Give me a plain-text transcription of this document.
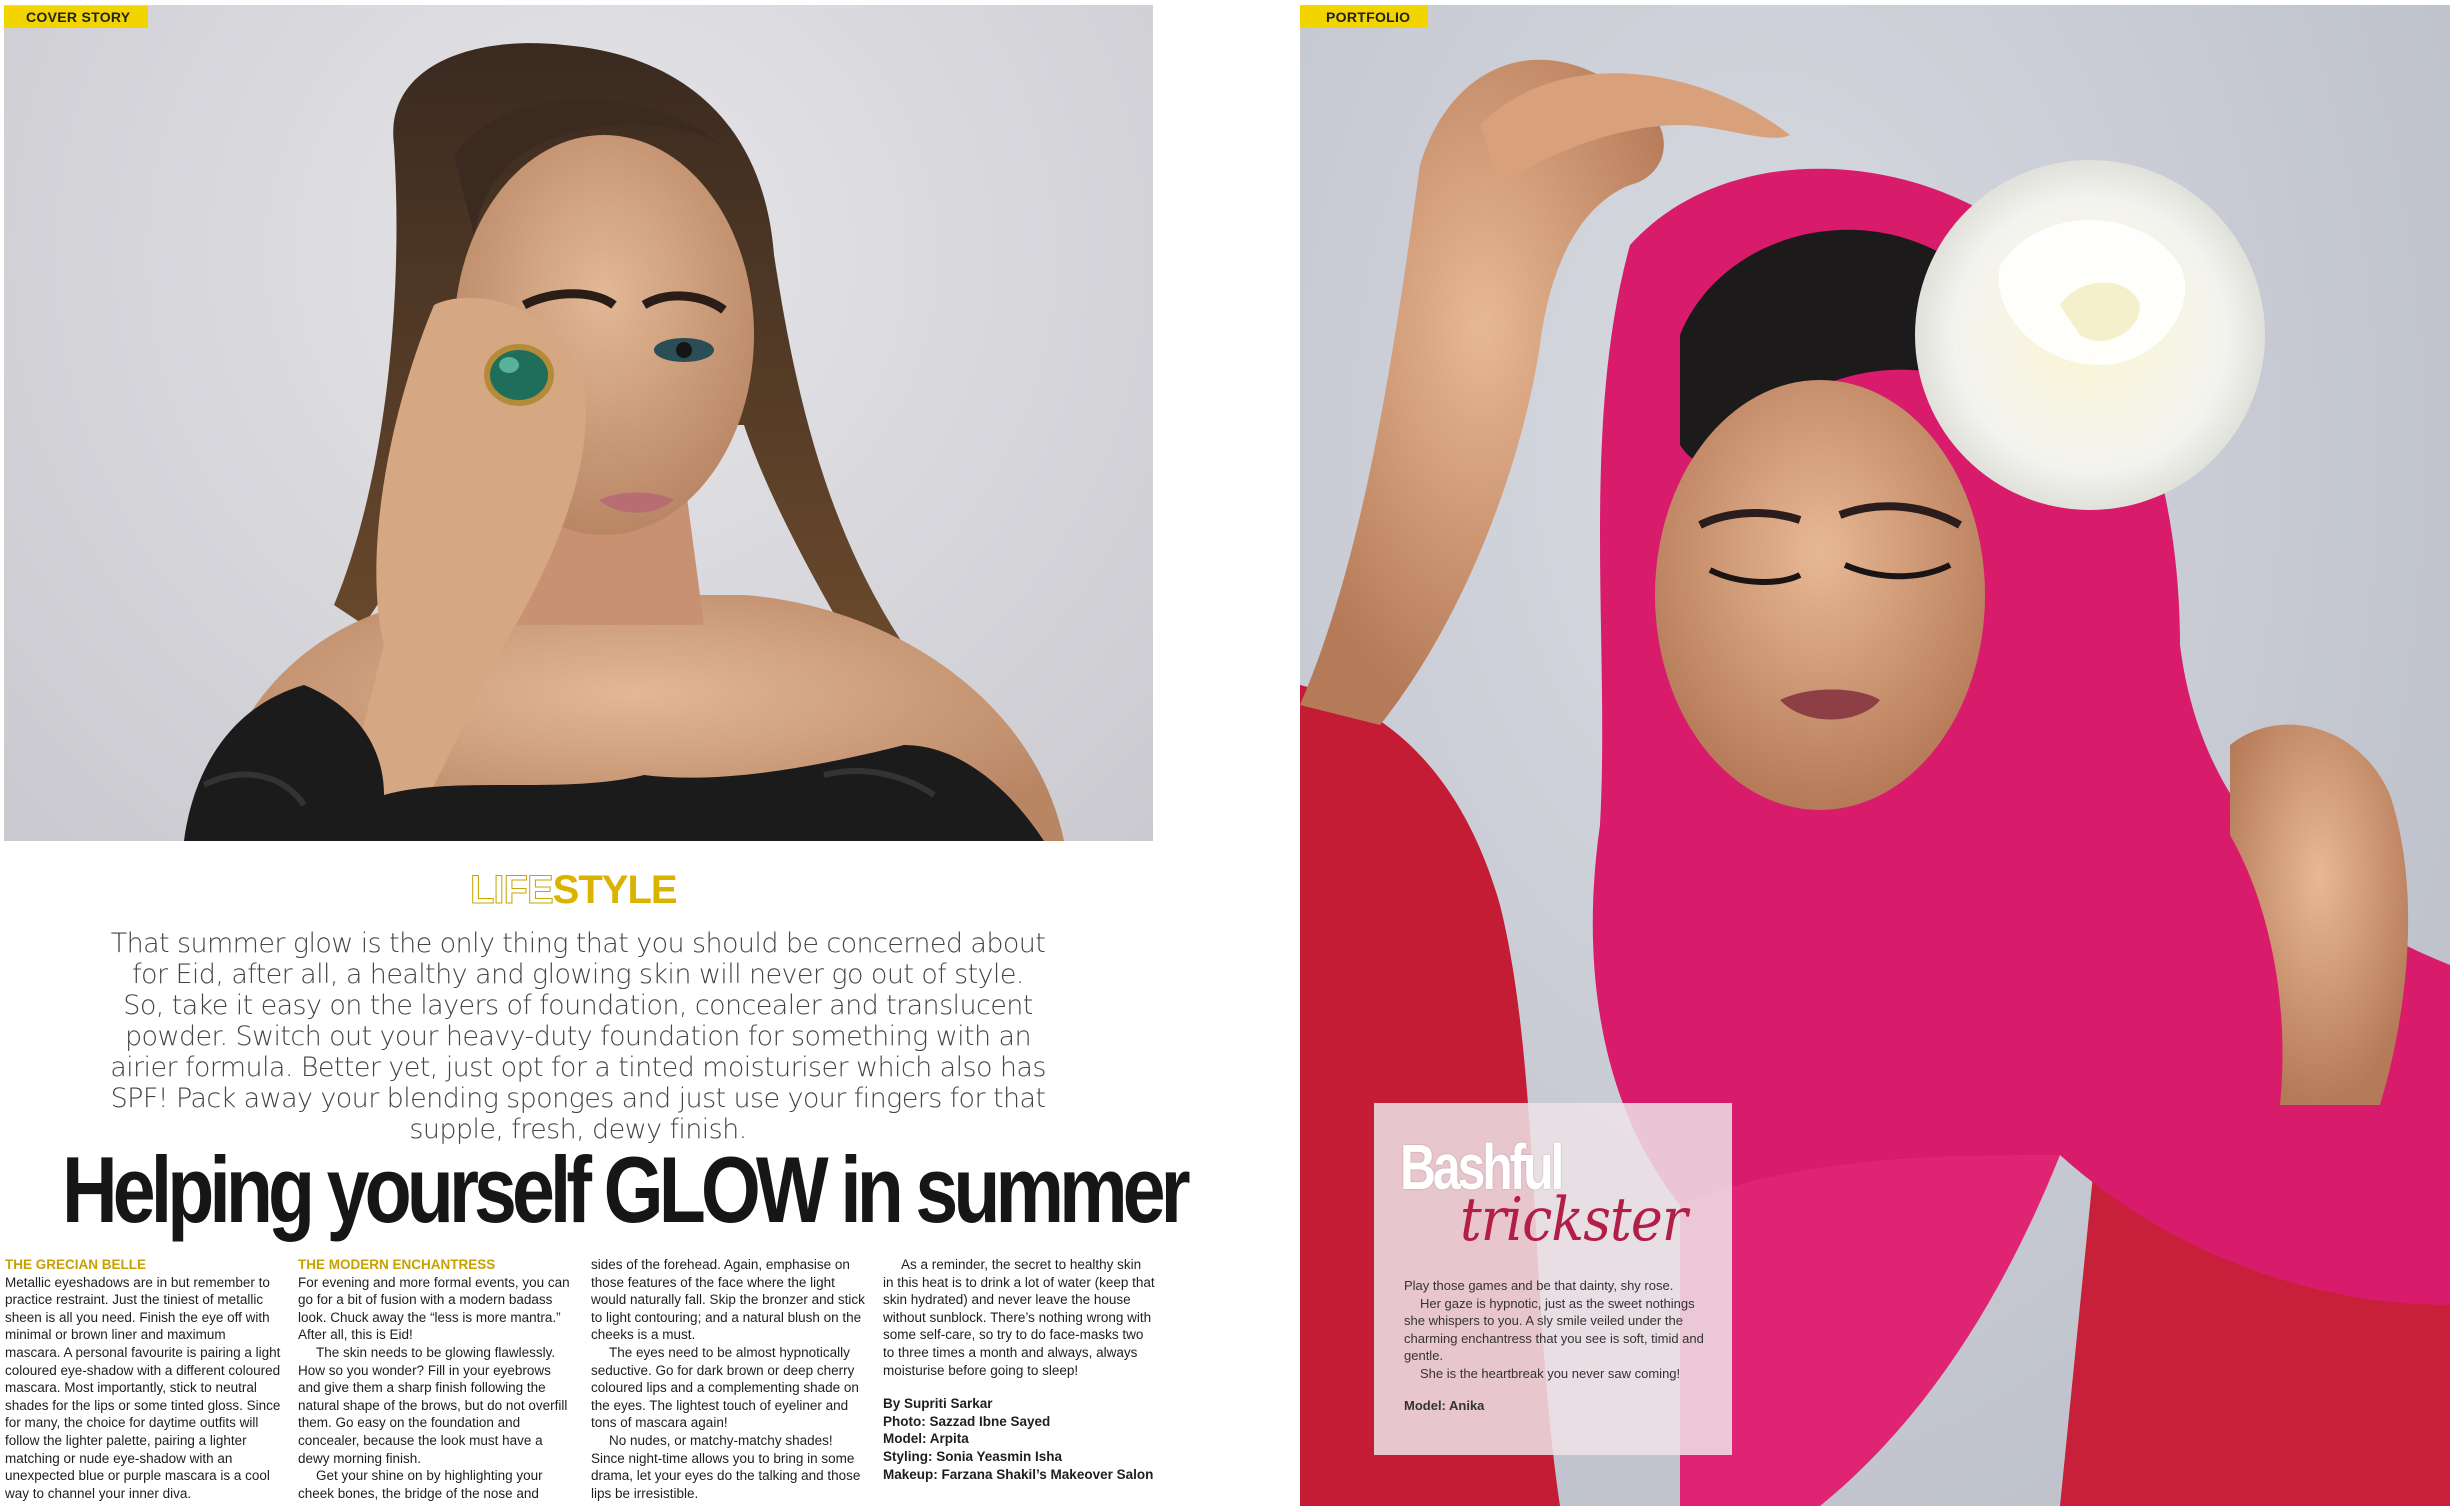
COVER STORY
LIFESTYLE
That summer glow is the only thing that you should be concerned about for Eid, after all, a healthy and glowing skin will never go out of style. So, take it easy on the layers of foundation, concealer and translucent powder. Switch out your heavy-duty foundation for something with an airier formula. Better yet, just opt for a tinted moisturiser which also has SPF! Pack away your blending sponges and just use your fingers for that supple, fresh, dewy finish.
Helping yourself GLOW in summer
THE GRECIAN BELLE

Metallic eyeshadows are in but remember to practice restraint. Just the tiniest of metallic sheen is all you need. Finish the eye off with minimal or brown liner and maximum mascara. A personal favourite is pairing a light coloured eye-shadow with a different coloured mascara. Most importantly, stick to neutral shades for the lips or some tinted gloss. Since for many, the choice for daytime outfits will follow the lighter palette, pairing a lighter matching or nude eye-shadow with an unexpected blue or purple mascara is a cool way to channel your inner diva.

THE MODERN ENCHANTRESS

For evening and more formal events, you can go for a bit of fusion with a modern badass look. Chuck away the “less is more mantra.” After all, this is Eid!

The skin needs to be glowing flawlessly. How so you wonder? Fill in your eyebrows and give them a sharp finish following the natural shape of the brows, but do not overfill them. Go easy on the foundation and concealer, because the look must have a dewy morning finish.

Get your shine on by highlighting your cheek bones, the bridge of the nose and

sides of the forehead. Again, emphasise on those features of the face where the light would naturally fall. Skip the bronzer and stick to light contouring; and a natural blush on the cheeks is a must.

The eyes need to be almost hypnotically seductive. Go for dark brown or deep cherry coloured lips and a complementing shade on the eyes. The lightest touch of eyeliner and tons of mascara again!

No nudes, or matchy-matchy shades! Since night-time allows you to bring in some drama, let your eyes do the talking and those lips be irresistible.

As a reminder, the secret to healthy skin in this heat is to drink a lot of water (keep that skin hydrated) and never leave the house without sunblock. There’s nothing wrong with some self-care, so try to do face-masks two to three times a month and always, always moisturise before going to sleep!

By Supriti Sarkar
Photo: Sazzad Ibne Sayed
Model: Arpita
Styling: Sonia Yeasmin Isha
Makeup: Farzana Shakil’s Makeover Salon
PORTFOLIO
Bashful
trickster

Play those games and be that dainty, shy rose.

Her gaze is hypnotic, just as the sweet nothings she whispers to you. A sly smile veiled under the charming enchantress that you see is soft, timid and gentle.

She is the heartbreak you never saw coming!

Model: Anika
